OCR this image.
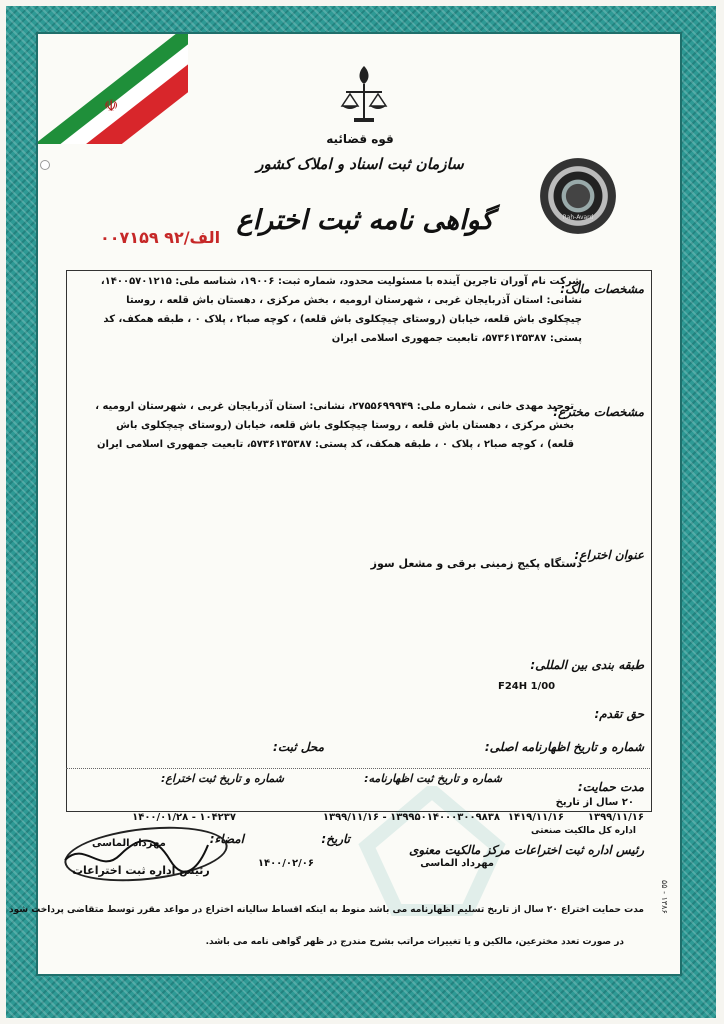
☫
قوه قضائیه
سازمان ثبت اسناد و املاک کشور
گواهی نامه ثبت اختراع
الف/۹۲ ۰۰۷۱۵۹
Rah-Avard
مشخصات مالک:
شرکت نام آوران تاجرین آینده با مسئولیت محدود، شماره ثبت: ۱۹۰۰۶، شناسه ملی: ۱۴۰۰۵۷۰۱۲۱۵، نشانی: استان آذربایجان غربی ، شهرستان ارومیه ، بخش مرکزی ، دهستان باش قلعه ، روستا چیچکلوی باش قلعه، خیابان (روستای چیچکلوی باش قلعه) ، کوچه صبا۲ ، پلاک ۰ ، طبقه همکف، کد پستی: ۵۷۳۶۱۳۵۳۸۷، تابعیت جمهوری اسلامی ایران
مشخصات مخترع:
توحید مهدی خانی ، شماره ملی: ۲۷۵۵۶۹۹۹۴۹، نشانی: استان آذربایجان غربی ، شهرستان ارومیه ، بخش مرکزی ، دهستان باش قلعه ، روستا چیچکلوی باش قلعه، خیابان (روستای چیچکلوی باش قلعه) ، کوچه صبا۲ ، پلاک ۰ ، طبقه همکف، کد پستی: ۵۷۳۶۱۳۵۳۸۷، تابعیت جمهوری اسلامی ایران
عنوان اختراع:
دستگاه پکیج زمینی برقی و مشعل سوز
طبقه بندی بین المللی:
F24H 1/00
حق تقدم:
شماره و تاریخ اظهارنامه اصلی:
محل ثبت:
مدت حمایت:
۲۰ سال از تاریخ
شماره و تاریخ ثبت اظهارنامه:
شماره و تاریخ ثبت اختراع:
۱۳۹۹/۱۱/۱۶
۱۴۱۹/۱۱/۱۶
۱۳۹۹۵۰۱۴۰۰۰۳۰۰۹۸۳۸ - ۱۳۹۹/۱۱/۱۶
۱۰۴۲۳۷ - ۱۴۰۰/۰۱/۲۸
اداره کل مالکیت صنعتی
رئیس اداره ثبت اختراعات مرکز مالکیت معنوی
تاریخ:
امضاء:
مهرداد الماسی
۱۴۰۰/۰۲/۰۶
مهرداد الماسی
رئیس اداره ثبت اختراعات
مدت حمایت اختراع ۲۰ سال از تاریخ تسلیم اظهارنامه می باشد منوط به اینکه اقساط سالیانه اختراع در مواعد مقرر توسط متقاضی پرداخت شود
در صورت تعدد مخترعین، مالکین و یا تغییرات مراتب بشرح مندرج در ظهر گواهی نامه می باشد.
۵۵ - ۱۳۸۶
